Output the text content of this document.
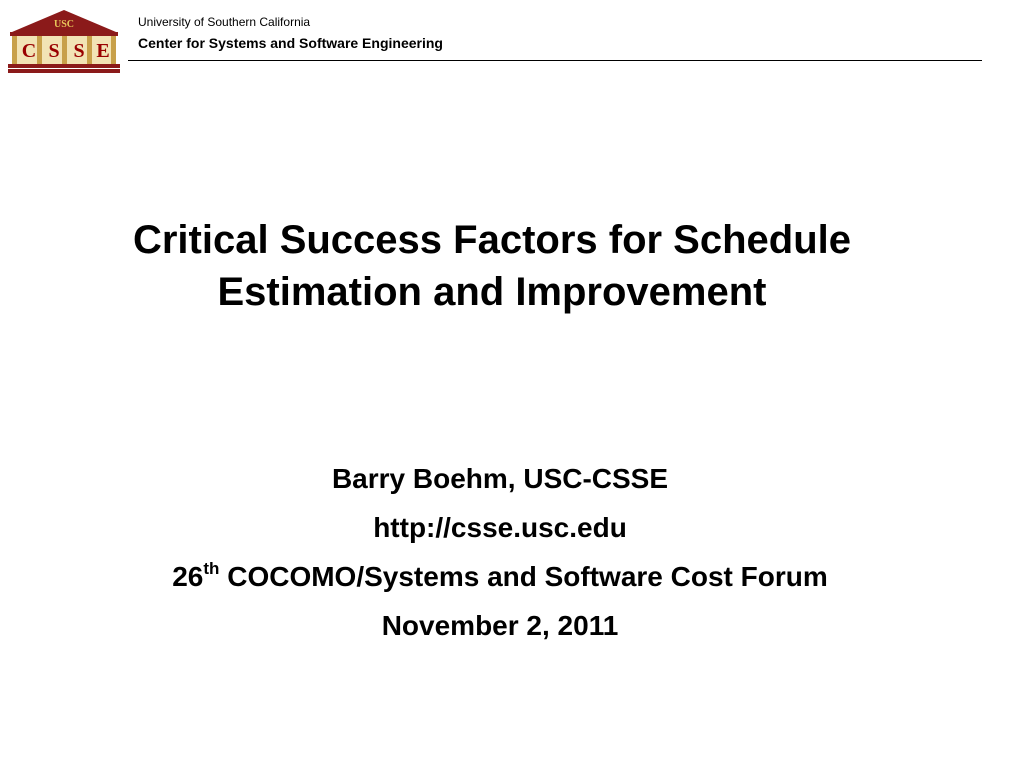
USC
C S S E
University of Southern California
Center for Systems and Software Engineering
Critical Success Factors for Schedule
Estimation and Improvement
Barry Boehm, USC-CSSE
http://csse.usc.edu
26th COCOMO/Systems and Software Cost Forum
November 2, 2011
